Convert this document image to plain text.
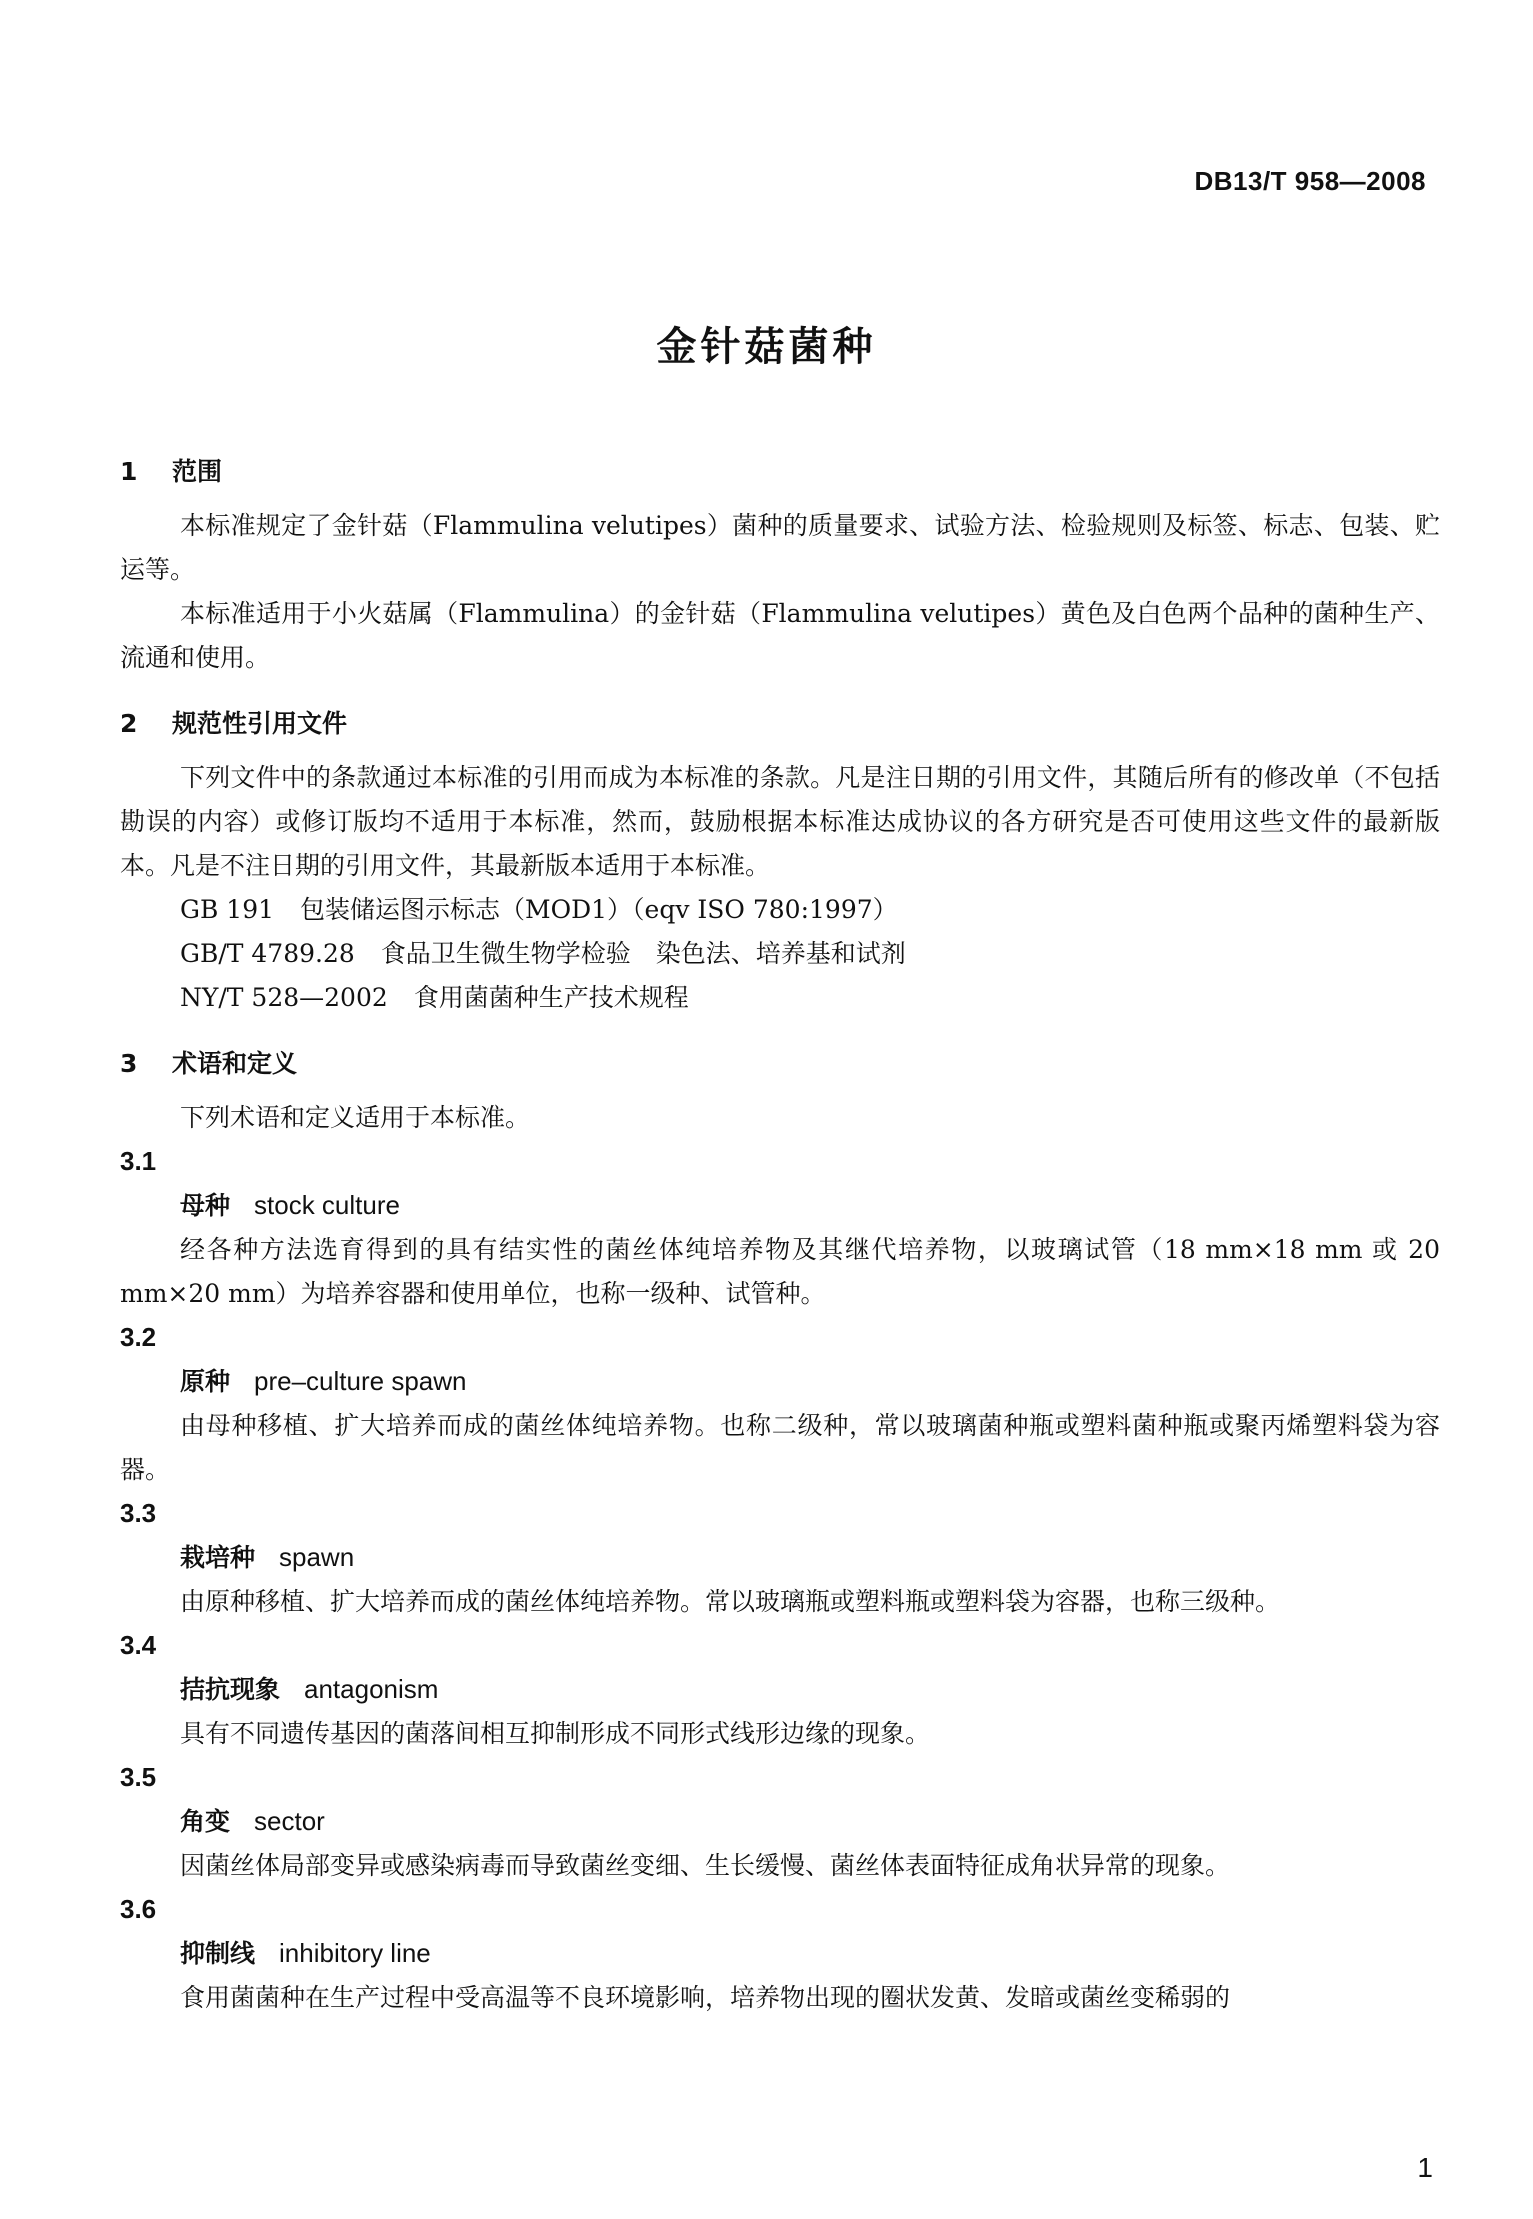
DB13/T 958—2008
金针菇菌种
1 范围

本标准规定了金针菇（Flammulina velutipes）菌种的质量要求、试验方法、检验规则及标签、标志、包装、贮运等。

本标准适用于小火菇属（Flammulina）的金针菇（Flammulina velutipes）黄色及白色两个品种的菌种生产、流通和使用。

2 规范性引用文件

下列文件中的条款通过本标准的引用而成为本标准的条款。凡是注日期的引用文件，其随后所有的修改单（不包括勘误的内容）或修订版均不适用于本标准，然而，鼓励根据本标准达成协议的各方研究是否可使用这些文件的最新版本。凡是不注日期的引用文件，其最新版本适用于本标准。

GB 191 包装储运图示标志（MOD1）（eqv ISO 780:1997）
GB/T 4789.28 食品卫生微生物学检验　染色法、培养基和试剂
NY/T 528—2002 食用菌菌种生产技术规程
3 术语和定义

下列术语和定义适用于本标准。

3.1
母种 stock culture

经各种方法选育得到的具有结实性的菌丝体纯培养物及其继代培养物，以玻璃试管（18 mm×18 mm 或 20 mm×20 mm）为培养容器和使用单位，也称一级种、试管种。

3.2
原种 pre–culture spawn

由母种移植、扩大培养而成的菌丝体纯培养物。也称二级种，常以玻璃菌种瓶或塑料菌种瓶或聚丙烯塑料袋为容器。

3.3
栽培种 spawn

由原种移植、扩大培养而成的菌丝体纯培养物。常以玻璃瓶或塑料瓶或塑料袋为容器，也称三级种。

3.4
拮抗现象 antagonism

具有不同遗传基因的菌落间相互抑制形成不同形式线形边缘的现象。

3.5
角变 sector

因菌丝体局部变异或感染病毒而导致菌丝变细、生长缓慢、菌丝体表面特征成角状异常的现象。

3.6
抑制线 inhibitory line

食用菌菌种在生产过程中受高温等不良环境影响，培养物出现的圈状发黄、发暗或菌丝变稀弱的

1
